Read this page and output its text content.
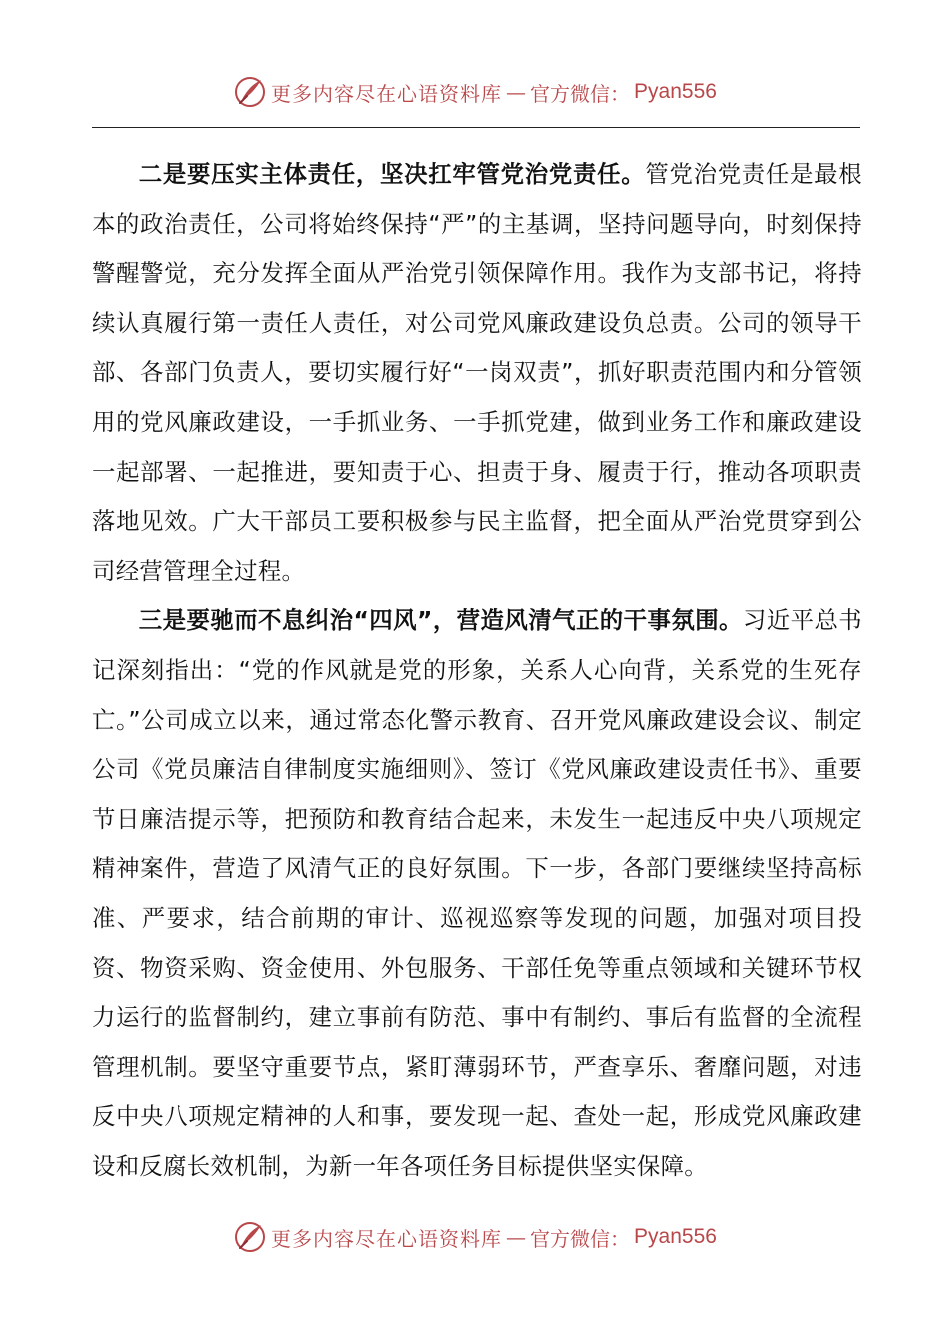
更多内容尽在心语资料库 — 官方微信： Pyan556

二是要压实主体责任，坚决扛牢管党治党责任。管党治党责任是最根本的政治责任，公司将始终保持“严”的主基调，坚持问题导向，时刻保持警醒警觉，充分发挥全面从严治党引领保障作用。我作为支部书记，将持续认真履行第一责任人责任，对公司党风廉政建设负总责。公司的领导干部、各部门负责人，要切实履行好“一岗双责”，抓好职责范围内和分管领用的党风廉政建设，一手抓业务、一手抓党建，做到业务工作和廉政建设一起部署、一起推进，要知责于心、担责于身、履责于行，推动各项职责落地见效。广大干部员工要积极参与民主监督，把全面从严治党贯穿到公司经营管理全过程。

三是要驰而不息纠治“四风”，营造风清气正的干事氛围。习近平总书记深刻指出：“党的作风就是党的形象，关系人心向背，关系党的生死存亡。”公司成立以来，通过常态化警示教育、召开党风廉政建设会议、制定公司《党员廉洁自律制度实施细则》、签订《党风廉政建设责任书》、重要节日廉洁提示等，把预防和教育结合起来，未发生一起违反中央八项规定精神案件，营造了风清气正的良好氛围。下一步，各部门要继续坚持高标准、严要求，结合前期的审计、巡视巡察等发现的问题，加强对项目投资、物资采购、资金使用、外包服务、干部任免等重点领域和关键环节权力运行的监督制约，建立事前有防范、事中有制约、事后有监督的全流程管理机制。要坚守重要节点，紧盯薄弱环节，严查享乐、奢靡问题，对违反中央八项规定精神的人和事，要发现一起、查处一起，形成党风廉政建设和反腐长效机制，为新一年各项任务目标提供坚实保障。

更多内容尽在心语资料库 — 官方微信： Pyan556
